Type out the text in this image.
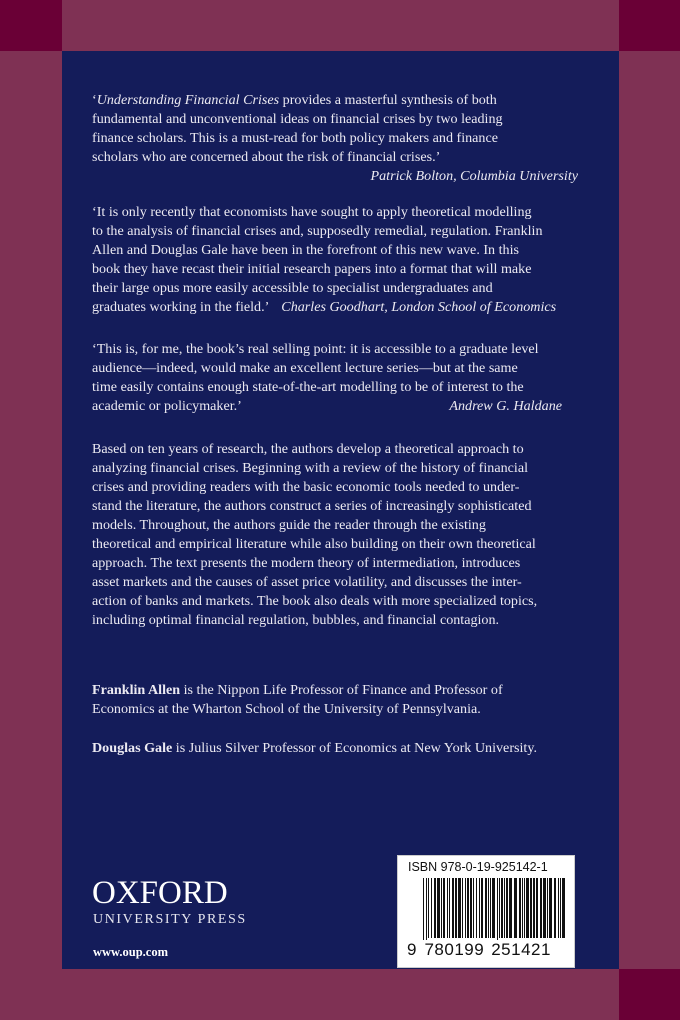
‘Understanding Financial Crises provides a masterful synthesis of both
fundamental and unconventional ideas on financial crises by two leading
finance scholars. This is a must-read for both policy makers and finance
scholars who are concerned about the risk of financial crises.’
Patrick Bolton, Columbia University
‘It is only recently that economists have sought to apply theoretical modelling
to the analysis of financial crises and, supposedly remedial, regulation. Franklin
Allen and Douglas Gale have been in the forefront of this new wave. In this
book they have recast their initial research papers into a format that will make
their large opus more easily accessible to specialist undergraduates and
graduates working in the field.’ Charles Goodhart, London School of Economics
‘This is, for me, the book’s real selling point: it is accessible to a graduate level
audience—indeed, would make an excellent lecture series—but at the same
time easily contains enough state-of-the-art modelling to be of interest to the
academic or policymaker.’	Andrew G. Haldane
Based on ten years of research, the authors develop a theoretical approach to
analyzing financial crises. Beginning with a review of the history of financial
crises and providing readers with the basic economic tools needed to under-
stand the literature, the authors construct a series of increasingly sophisticated
models. Throughout, the authors guide the reader through the existing
theoretical and empirical literature while also building on their own theoretical
approach. The text presents the modern theory of intermediation, introduces
asset markets and the causes of asset price volatility, and discusses the inter-
action of banks and markets. The book also deals with more specialized topics,
including optimal financial regulation, bubbles, and financial contagion.
Franklin Allen is the Nippon Life Professor of Finance and Professor of
Economics at the Wharton School of the University of Pennsylvania.
Douglas Gale is Julius Silver Professor of Economics at New York University.
OXFORD
UNIVERSITY PRESS
www.oup.com
ISBN 978-0-19-925142-1
9 780199 251421
